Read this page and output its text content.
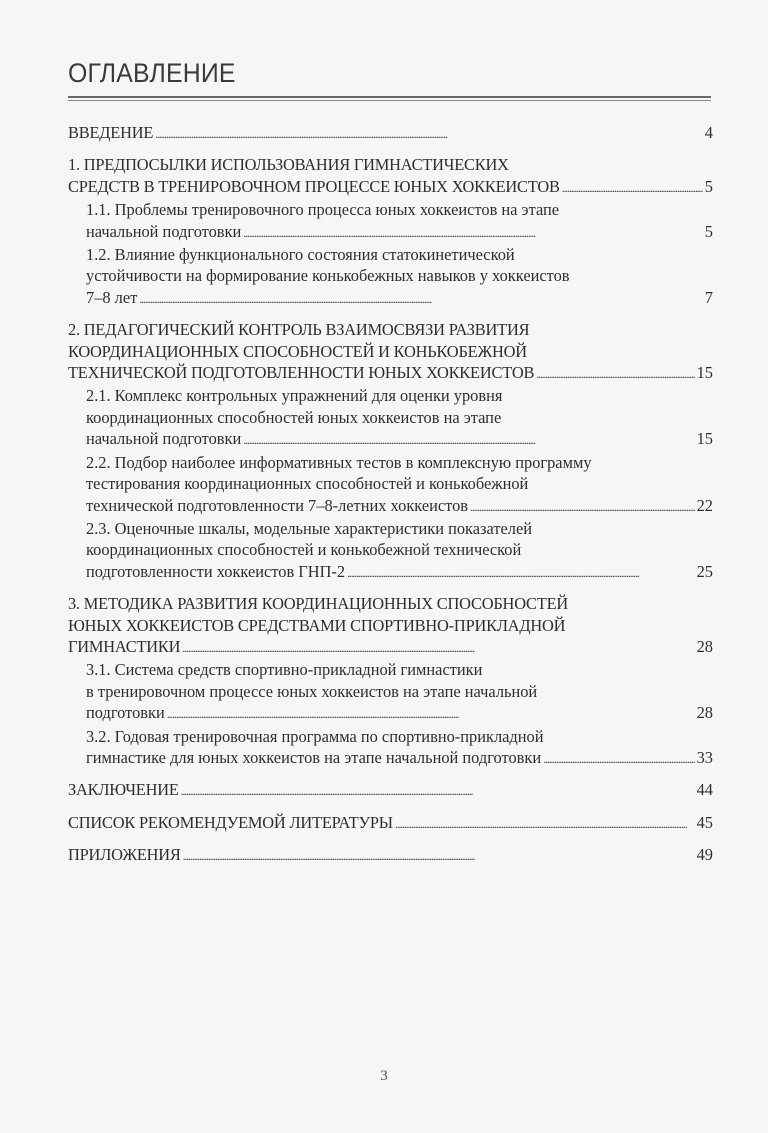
ОГЛАВЛЕНИЕ
ВВЕДЕНИЕ . . .	4
1. ПРЕДПОСЫЛКИ ИСПОЛЬЗОВАНИЯ ГИМНАСТИЧЕСКИХ
СРЕДСТВ В ТРЕНИРОВОЧНОМ ПРОЦЕССЕ ЮНЫХ ХОККЕИСТОВ . . .	5
1.1. Проблемы тренировочного процесса юных хоккеистов на этапе
начальной подготовки . . .	5
1.2. Влияние функционального состояния статокинетической
устойчивости на формирование конькобежных навыков у хоккеистов
7–8 лет . . .	7
2. ПЕДАГОГИЧЕСКИЙ КОНТРОЛЬ ВЗАИМОСВЯЗИ РАЗВИТИЯ
КООРДИНАЦИОННЫХ СПОСОБНОСТЕЙ И КОНЬКОБЕЖНОЙ
ТЕХНИЧЕСКОЙ ПОДГОТОВЛЕННОСТИ ЮНЫХ ХОККЕИСТОВ . . .	15
2.1. Комплекс контрольных упражнений для оценки уровня
координационных способностей юных хоккеистов на этапе
начальной подготовки . . .	15
2.2. Подбор наиболее информативных тестов в комплексную программу
тестирования координационных способностей и конькобежной
технической подготовленности 7–8-летних хоккеистов . . .	22
2.3. Оценочные шкалы, модельные характеристики показателей
координационных способностей и конькобежной технической
подготовленности хоккеистов ГНП-2 . . .	25
3. МЕТОДИКА РАЗВИТИЯ КООРДИНАЦИОННЫХ СПОСОБНОСТЕЙ
ЮНЫХ ХОККЕИСТОВ СРЕДСТВАМИ СПОРТИВНО-ПРИКЛАДНОЙ
ГИМНАСТИКИ . . .	28
3.1. Система средств спортивно-прикладной гимнастики
в тренировочном процессе юных хоккеистов на этапе начальной
подготовки . . .	28
3.2. Годовая тренировочная программа по спортивно-прикладной
гимнастике для юных хоккеистов на этапе начальной подготовки . . .	33
ЗАКЛЮЧЕНИЕ . . .	44
СПИСОК РЕКОМЕНДУЕМОЙ ЛИТЕРАТУРЫ . . .	45
ПРИЛОЖЕНИЯ . . .	49
3
